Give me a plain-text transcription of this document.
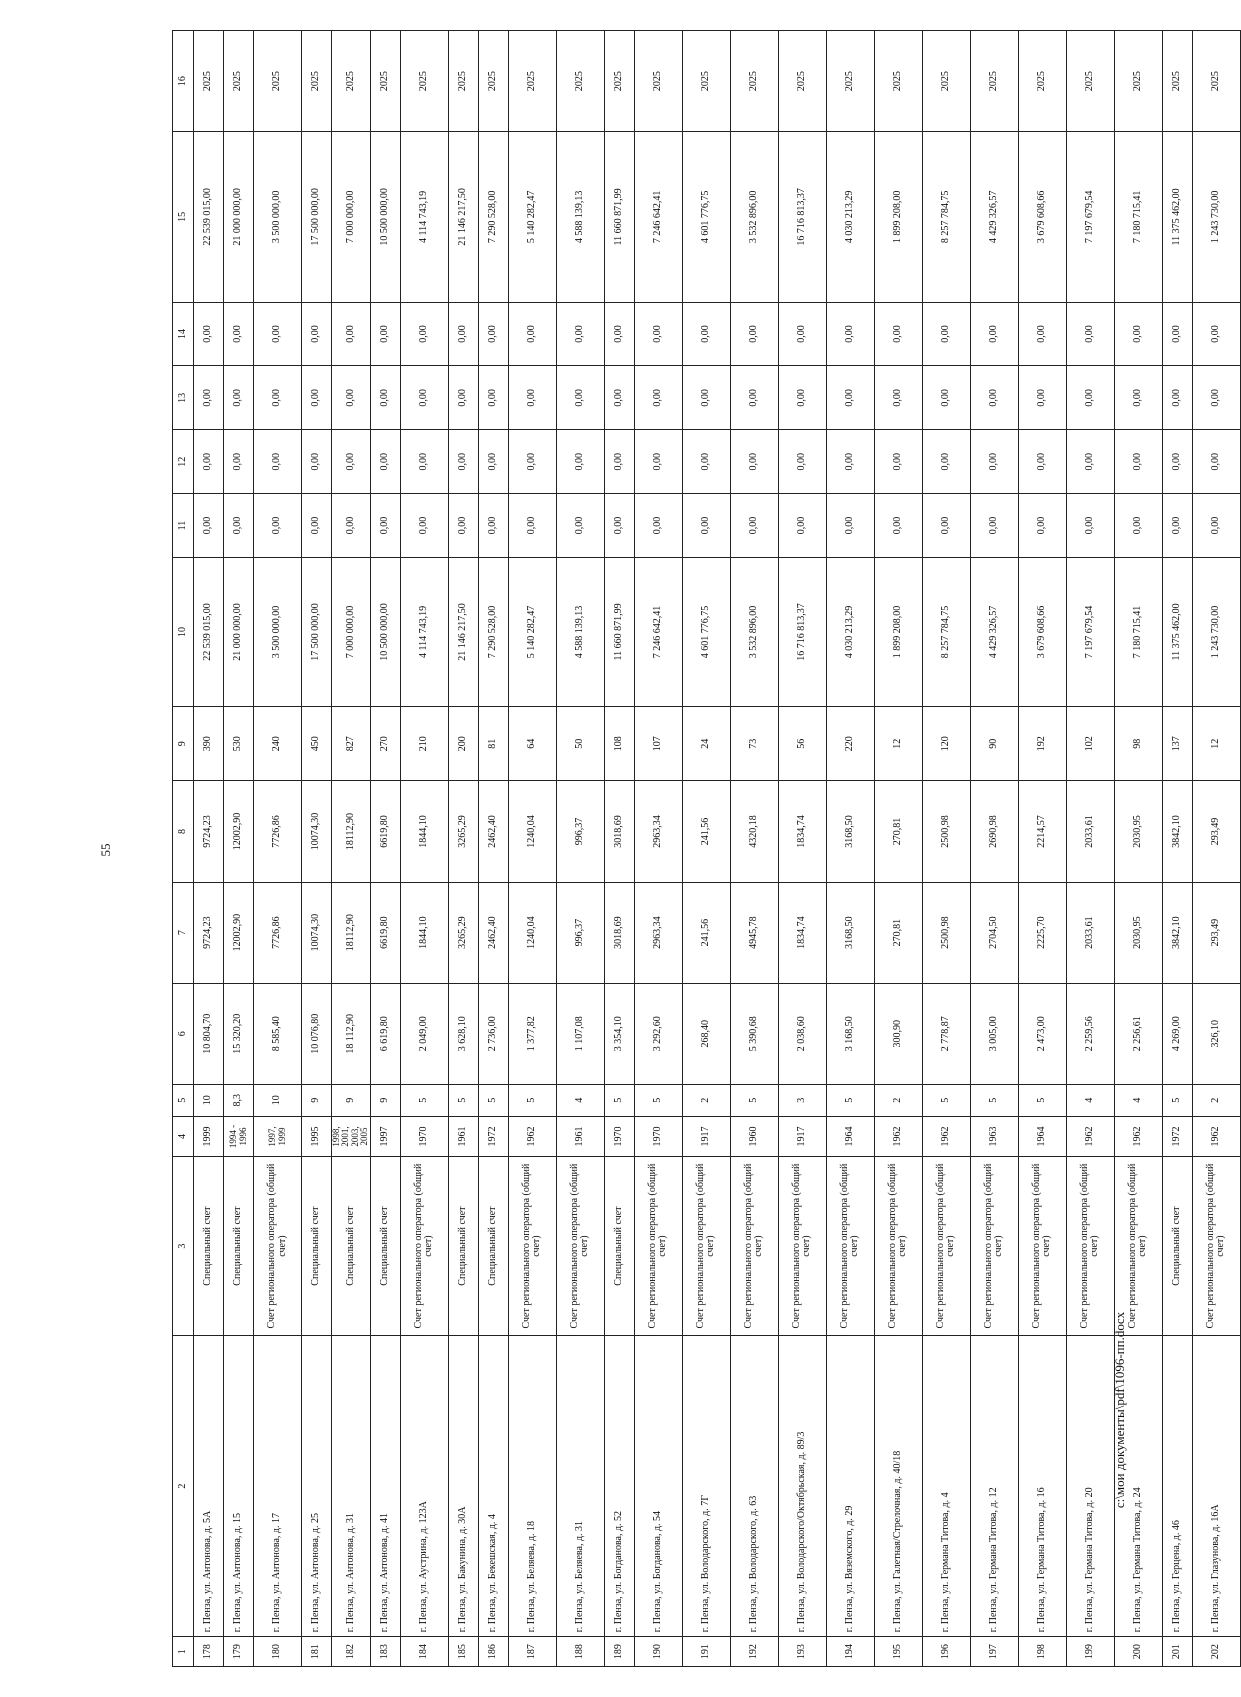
55
1	2	3	4	5	6	7	8	9	10	11	12	13	14	15	16
178	г. Пенза, ул. Антонова, д. 5А	Специальный счет	1999	10	10 804,70	9724,23	9724,23	390	22 539 015,00	0,00	0,00	0,00	0,00	22 539 015,00	2025
179	г. Пенза, ул. Антонова, д. 15	Специальный счет	1994 - 1996	8,3	15 320,20	12002,90	12002,90	530	21 000 000,00	0,00	0,00	0,00	0,00	21 000 000,00	2025
180	г. Пенза, ул. Антонова, д. 17	Счет регионального оператора (общий счет)	1997, 1999	10	8 585,40	7726,86	7726,86	240	3 500 000,00	0,00	0,00	0,00	0,00	3 500 000,00	2025
181	г. Пенза, ул. Антонова, д. 25	Специальный счет	1995	9	10 076,80	10074,30	10074,30	450	17 500 000,00	0,00	0,00	0,00	0,00	17 500 000,00	2025
182	г. Пенза, ул. Антонова, д. 31	Специальный счет	1998, 2001, 2003, 2005	9	18 112,90	18112,90	18112,90	827	7 000 000,00	0,00	0,00	0,00	0,00	7 000 000,00	2025
183	г. Пенза, ул. Антонова, д. 41	Специальный счет	1997	9	6 619,80	6619,80	6619,80	270	10 500 000,00	0,00	0,00	0,00	0,00	10 500 000,00	2025
184	г. Пенза, ул. Аустрина, д. 123А	Счет регионального оператора (общий счет)	1970	5	2 049,00	1844,10	1844,10	210	4 114 743,19	0,00	0,00	0,00	0,00	4 114 743,19	2025
185	г. Пенза, ул. Бакунина, д. 30А	Специальный счет	1961	5	3 628,10	3265,29	3265,29	200	21 146 217,50	0,00	0,00	0,00	0,00	21 146 217,50	2025
186	г. Пенза, ул. Бекешская, д. 4	Специальный счет	1972	5	2 736,00	2462,40	2462,40	81	7 290 528,00	0,00	0,00	0,00	0,00	7 290 528,00	2025
187	г. Пенза, ул. Беляева, д. 18	Счет регионального оператора (общий счет)	1962	5	1 377,82	1240,04	1240,04	64	5 140 282,47	0,00	0,00	0,00	0,00	5 140 282,47	2025
188	г. Пенза, ул. Беляева, д. 31	Счет регионального оператора (общий счет)	1961	4	1 107,08	996,37	996,37	50	4 588 139,13	0,00	0,00	0,00	0,00	4 588 139,13	2025
189	г. Пенза, ул. Богданова, д. 52	Специальный счет	1970	5	3 354,10	3018,69	3018,69	108	11 660 871,99	0,00	0,00	0,00	0,00	11 660 871,99	2025
190	г. Пенза, ул. Богданова, д. 54	Счет регионального оператора (общий счет)	1970	5	3 292,60	2963,34	2963,34	107	7 246 642,41	0,00	0,00	0,00	0,00	7 246 642,41	2025
191	г. Пенза, ул. Володарского, д. 7Г	Счет регионального оператора (общий счет)	1917	2	268,40	241,56	241,56	24	4 601 776,75	0,00	0,00	0,00	0,00	4 601 776,75	2025
192	г. Пенза, ул. Володарского, д. 63	Счет регионального оператора (общий счет)	1960	5	5 390,68	4945,78	4320,18	73	3 532 896,00	0,00	0,00	0,00	0,00	3 532 896,00	2025
193	г. Пенза, ул. Володарского/Октябрьская, д. 89/3	Счет регионального оператора (общий счет)	1917	3	2 038,60	1834,74	1834,74	56	16 716 813,37	0,00	0,00	0,00	0,00	16 716 813,37	2025
194	г. Пенза, ул. Вяземского, д. 29	Счет регионального оператора (общий счет)	1964	5	3 168,50	3168,50	3168,50	220	4 030 213,29	0,00	0,00	0,00	0,00	4 030 213,29	2025
195	г. Пенза, ул. Галетная/Стрелочная, д. 40/18	Счет регионального оператора (общий счет)	1962	2	300,90	270,81	270,81	12	1 899 208,00	0,00	0,00	0,00	0,00	1 899 208,00	2025
196	г. Пенза, ул. Германа Титова, д. 4	Счет регионального оператора (общий счет)	1962	5	2 778,87	2500,98	2500,98	120	8 257 784,75	0,00	0,00	0,00	0,00	8 257 784,75	2025
197	г. Пенза, ул. Германа Титова, д. 12	Счет регионального оператора (общий счет)	1963	5	3 005,00	2704,50	2690,98	90	4 429 326,57	0,00	0,00	0,00	0,00	4 429 326,57	2025
198	г. Пенза, ул. Германа Титова, д. 16	Счет регионального оператора (общий счет)	1964	5	2 473,00	2225,70	2214,57	192	3 679 608,66	0,00	0,00	0,00	0,00	3 679 608,66	2025
199	г. Пенза, ул. Германа Титова, д. 20	Счет регионального оператора (общий счет)	1962	4	2 259,56	2033,61	2033,61	102	7 197 679,54	0,00	0,00	0,00	0,00	7 197 679,54	2025
200	г. Пенза, ул. Германа Титова, д. 24	Счет регионального оператора (общий счет)	1962	4	2 256,61	2030,95	2030,95	98	7 180 715,41	0,00	0,00	0,00	0,00	7 180 715,41	2025
201	г. Пенза, ул. Герцена, д. 46	Специальный счет	1972	5	4 269,00	3842,10	3842,10	137	11 375 462,00	0,00	0,00	0,00	0,00	11 375 462,00	2025
202	г. Пенза, ул. Глазунова, д. 16А	Счет регионального оператора (общий счет)	1962	2	326,10	293,49	293,49	12	1 243 730,00	0,00	0,00	0,00	0,00	1 243 730,00	2025
c:\мои документы\pdf\1096-пп.docx
